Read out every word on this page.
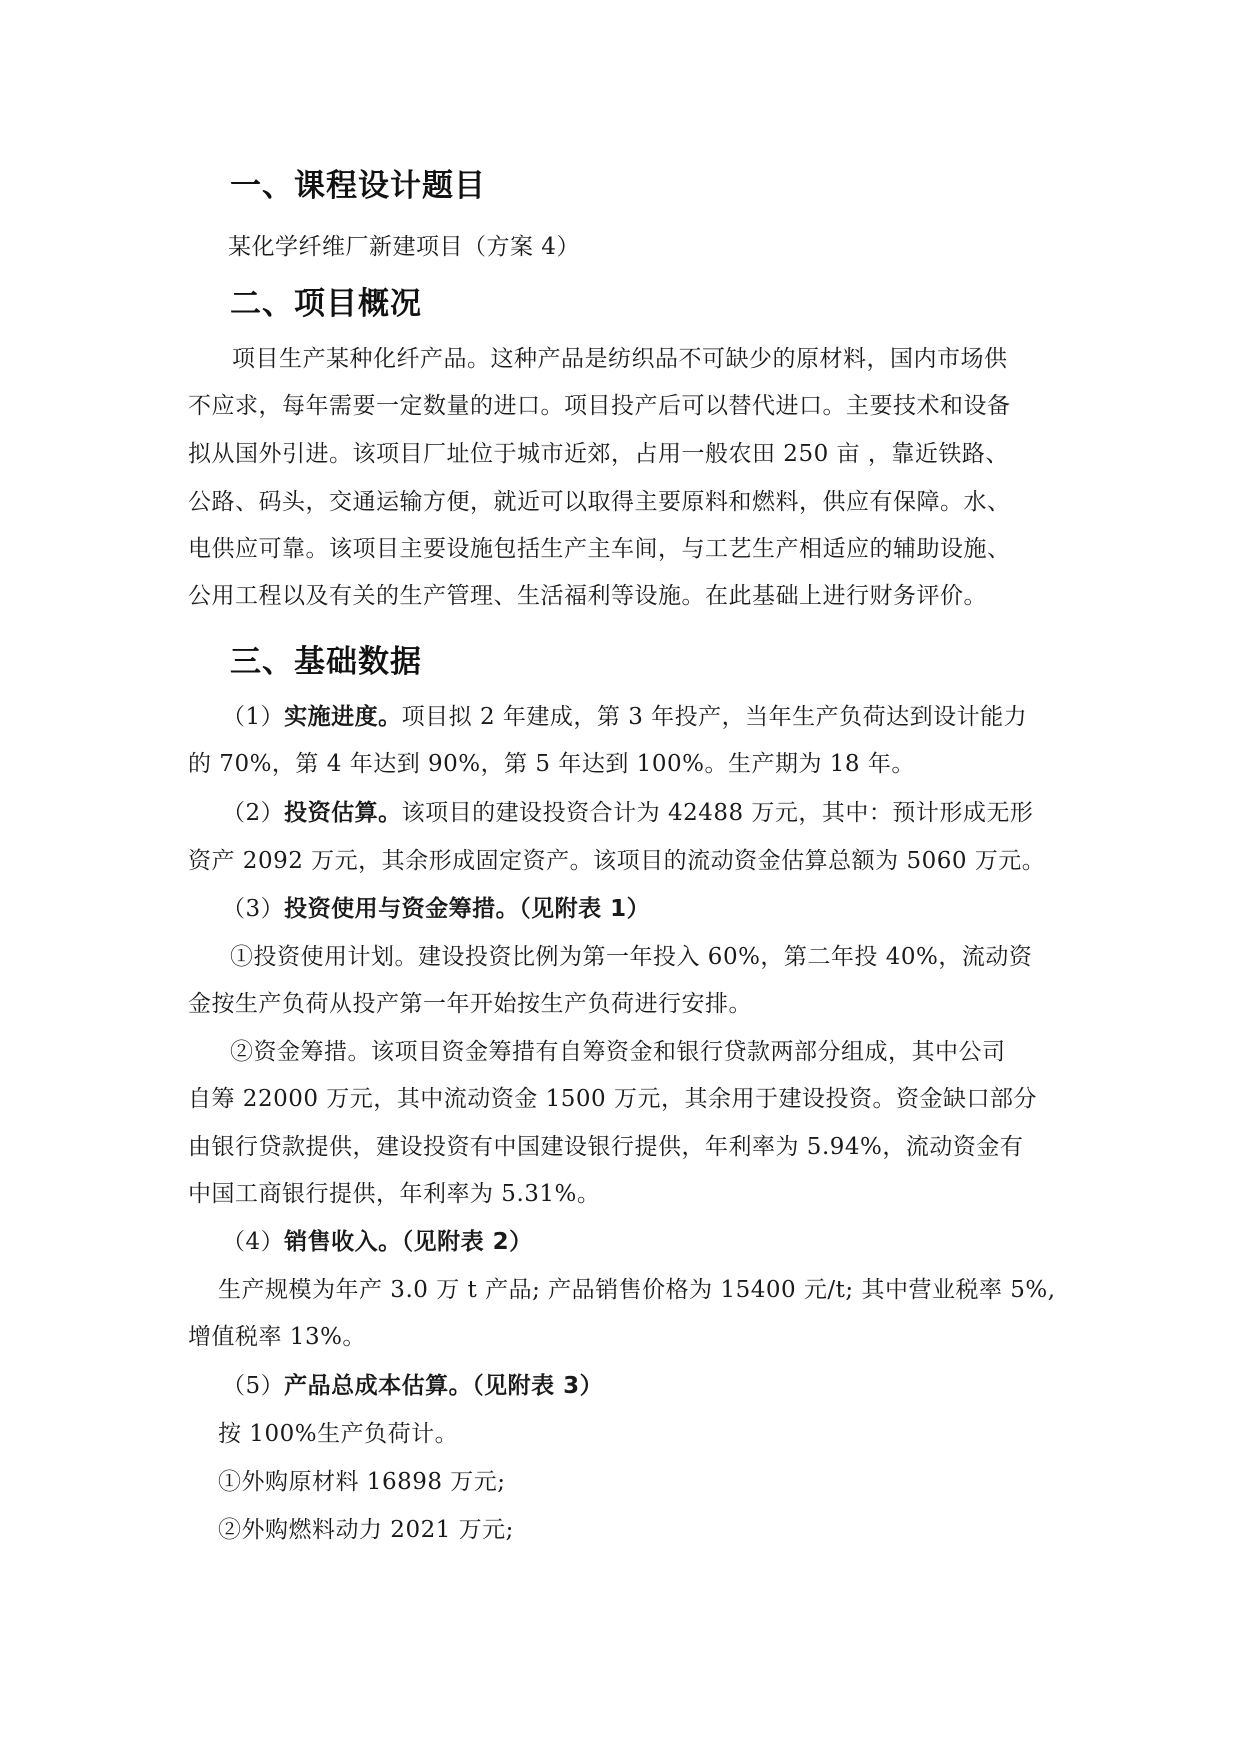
一、课程设计题目

某化学纤维厂新建项目（方案 4）

二、项目概况

项目生产某种化纤产品。这种产品是纺织品不可缺少的原材料，国内市场供

不应求，每年需要一定数量的进口。项目投产后可以替代进口。主要技术和设备

拟从国外引进。该项目厂址位于城市近郊，占用一般农田 250 亩 ，靠近铁路、

公路、码头，交通运输方便，就近可以取得主要原料和燃料，供应有保障。水、

电供应可靠。该项目主要设施包括生产主车间，与工艺生产相适应的辅助设施、

公用工程以及有关的生产管理、生活福利等设施。在此基础上进行财务评价。

三、基础数据

（1）实施进度。项目拟 2 年建成，第 3 年投产，当年生产负荷达到设计能力

的 70%，第 4 年达到 90%，第 5 年达到 100%。生产期为 18 年。

（2）投资估算。该项目的建设投资合计为 42488 万元，其中：预计形成无形

资产 2092 万元，其余形成固定资产。该项目的流动资金估算总额为 5060 万元。

（3）投资使用与资金筹措。（见附表 1）

①投资使用计划。建设投资比例为第一年投入 60%，第二年投 40%，流动资

金按生产负荷从投产第一年开始按生产负荷进行安排。

②资金筹措。该项目资金筹措有自筹资金和银行贷款两部分组成，其中公司

自筹 22000 万元，其中流动资金 1500 万元，其余用于建设投资。资金缺口部分

由银行贷款提供，建设投资有中国建设银行提供，年利率为 5.94%，流动资金有

中国工商银行提供，年利率为 5.31%。

（4）销售收入。（见附表 2）

生产规模为年产 3.0 万 t 产品; 产品销售价格为 15400 元/t; 其中营业税率 5%,

增值税率 13%。

（5）产品总成本估算。（见附表 3）

按 100%生产负荷计。

①外购原材料 16898 万元;

②外购燃料动力 2021 万元;
